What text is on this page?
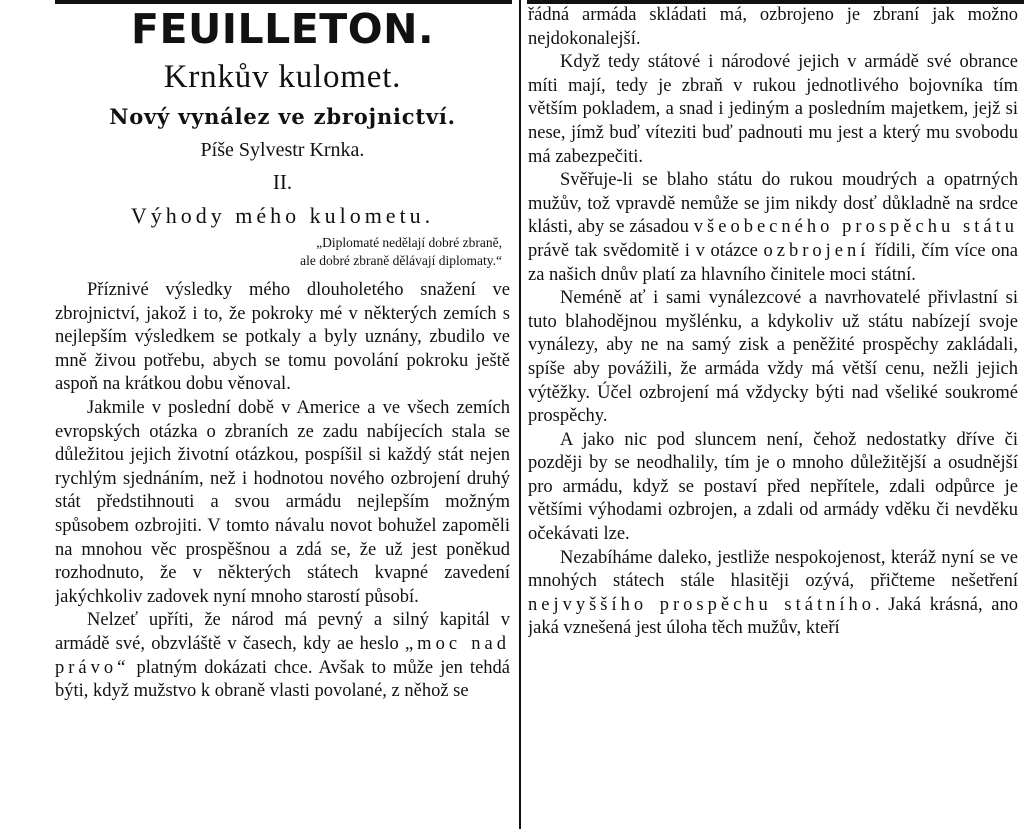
FEUILLETON.
Krnkův kulomet.
Nový vynález ve zbrojnictví.
Píše Sylvestr Krnka.
II.
Výhody mého kulometu.
„Diplomaté nedělají dobré zbraně,
ale dobré zbraně dělávají diplomaty.“

Příznivé výsledky mého dlouholetého snažení ve zbrojnictví, jakož i to, že pokroky mé v některých zemích s nejlepším výsledkem se potkaly a byly uznány, zbudilo ve mně živou potřebu, abych se tomu povolání pokroku ještě aspoň na krátkou dobu věnoval.

Jakmile v poslední době v Americe a ve všech zemích evropských otázka o zbraních ze zadu nabíjecích stala se důležitou jejich životní otázkou, pospíšil si každý stát nejen rychlým sjednáním, než i hodnotou nového ozbrojení druhý stát předstihnouti a svou armádu nejlepším možným spůsobem ozbrojiti. V tomto návalu novot bohužel zapoměli na mnohou věc prospěšnou a zdá se, že už jest poněkud rozhodnuto, že v některých státech kvapné zavedení jakýchkoliv zadovek nyní mnoho starostí působí.

Nelzeť upříti, že národ má pevný a silný kapitál v armádě své, obzvláště v časech, kdy ae heslo „moc nad právo“ platným dokázati chce. Avšak to může jen tehdá býti, když mužstvo k obraně vlasti povolané, z něhož se

řádná armáda skládati má, ozbrojeno je zbraní jak možno nejdokonalejší.

Když tedy státové i národové jejich v armádě své obrance míti mají, tedy je zbraň v rukou jednotlivého bojovníka tím větším pokladem, a snad i jediným a posledním majetkem, jejž si nese, jímž buď víteziti buď padnouti mu jest a který mu svobodu má zabezpečiti.

Svěřuje-li se blaho státu do rukou moudrých a opatrných mužův, tož vpravdě nemůže se jim nikdy dosť důkladně na srdce klásti, aby se zásadou všeobecného prospěchu státu právě tak svědomitě i v otázce ozbrojení řídili, čím více ona za našich dnův platí za hlavního činitele moci státní.

Neméně ať i sami vynálezcové a navrhovatelé přivlastní si tuto blahodějnou myšlénku, a kdykoliv už státu nabízejí svoje vynálezy, aby ne na samý zisk a peněžité prospěchy zakládali, spíše aby povážili, že armáda vždy má větší cenu, nežli jejich výtěžky. Účel ozbrojení má vždycky býti nad všeliké soukromé prospěchy.

A jako nic pod sluncem není, čehož nedostatky dříve či později by se neodhalily, tím je o mnoho důležitější a osudnější pro armádu, když se postaví před nepřítele, zdali odpůrce je většími výhodami ozbrojen, a zdali od armády vděku či nevděku očekávati lze.

Nezabíháme daleko, jestliže nespokojenost, kteráž nyní se ve mnohých státech stále hlasitěji ozývá, přičteme nešetření nejvyššího prospěchu státního. Jaká krásná, ano jaká vznešená jest úloha těch mužův, kteří
